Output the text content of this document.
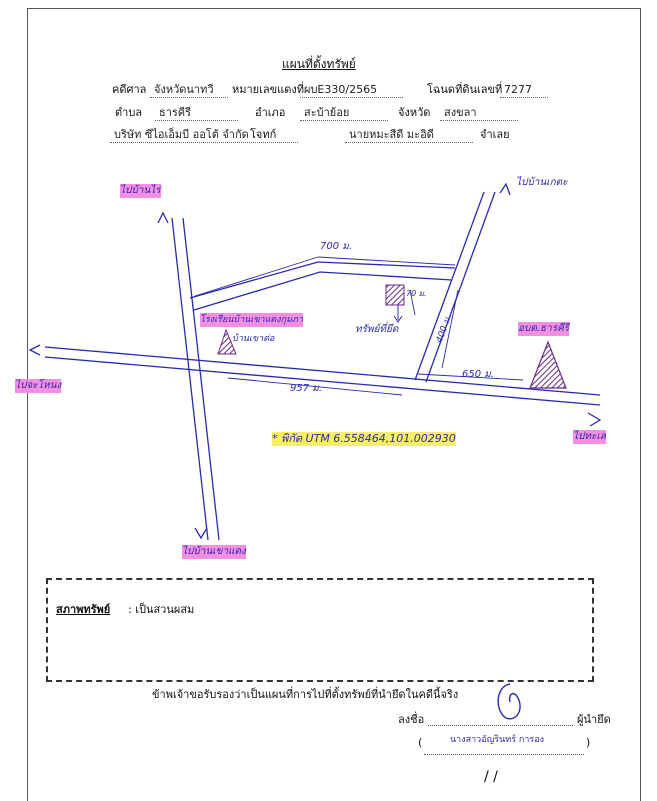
แผนที่ตั้งทรัพย์
คดีศาล จังหวัดนาทวี	หมายเลขแดงที่ ผบE330/2565	โฉนดที่ดินเลขที่ 7277
ตำบล	ธารคีรี	อำเภอ	สะบ้าย้อย	จังหวัด	สงขลา
บริษัท ซีไอเอ็มบี ออโต้ จำกัด โจทก์	นายหมะสีดี มะอิดี	จำเลย
ไปบ้านไร่
ไปบ้านเกตะ
ไปจะโหนง
ไปทะเล
ไปบ้านเขาแดง
โรงเรียนบ้านเขาแดงกุมภา
บ้านเขาต่อ
อบต.ธารคีรี
ทรัพย์ที่ยึด
700 ม.
70 ม.
400 ม.
650 ม.
957 ม.
* พิกัด UTM 6.558464,101.002930
สภาพทรัพย์ : เป็นสวนผสม
ข้าพเจ้าขอรับรองว่าเป็นแผนที่การไปที่ตั้งทรัพย์ที่นำยึดในคดีนี้จริง
ลงชื่อ	ผู้นำยึด
(	นางสาวอัญรินทร์ การอง	)
/ /
